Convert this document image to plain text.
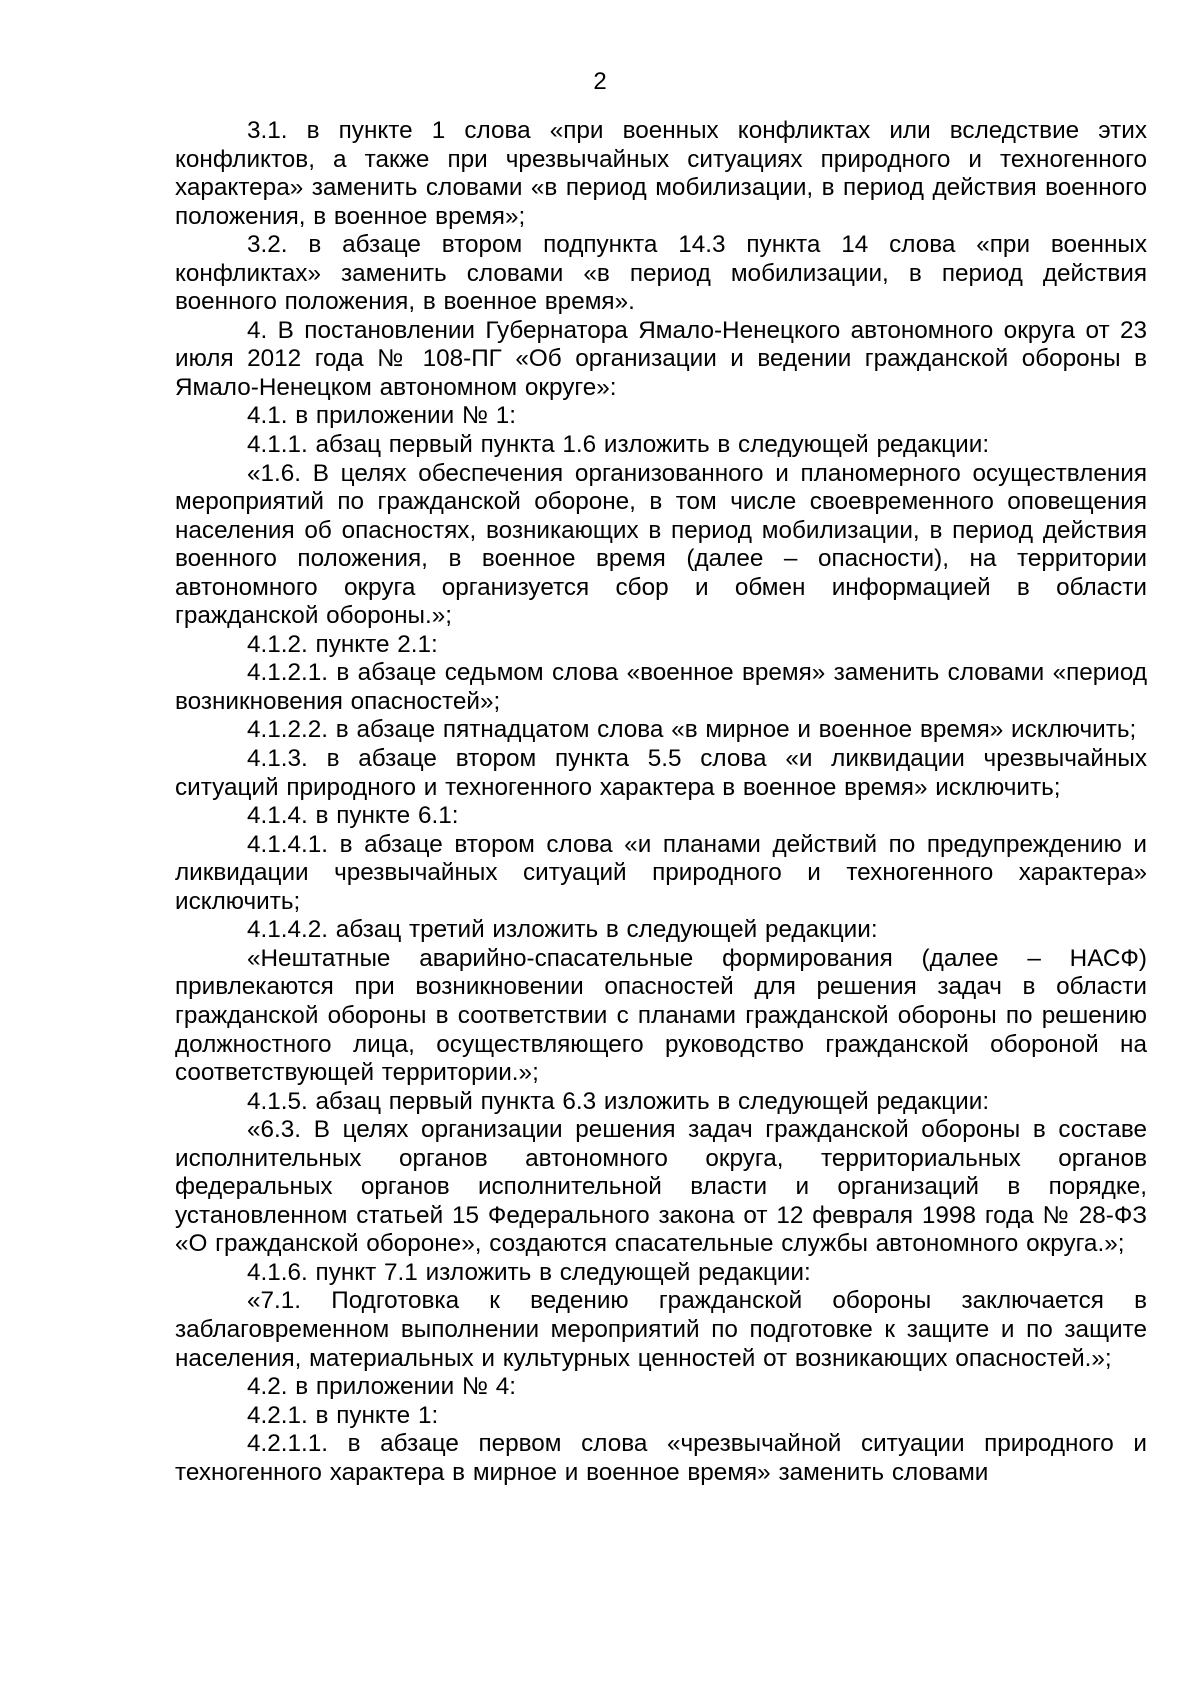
2

3.1. в пункте 1 слова «при военных конфликтах или вследствие этих конфликтов, а также при чрезвычайных ситуациях природного и техногенного характера» заменить словами «в период мобилизации, в период действия военного положения, в военное время»;

3.2. в абзаце втором подпункта 14.3 пункта 14 слова «при военных конфликтах» заменить словами «в период мобилизации, в период действия военного положения, в военное время».

4. В постановлении Губернатора Ямало-Ненецкого автономного округа от 23 июля 2012 года № 108-ПГ «Об организации и ведении гражданской обороны в Ямало-Ненецком автономном округе»:

4.1. в приложении № 1:

4.1.1. абзац первый пункта 1.6 изложить в следующей редакции:

«1.6. В целях обеспечения организованного и планомерного осуществления мероприятий по гражданской обороне, в том числе своевременного оповещения населения об опасностях, возникающих в период мобилизации, в период действия военного положения, в военное время (далее – опасности), на территории автономного округа организуется сбор и обмен информацией в области гражданской обороны.»;

4.1.2. пункте 2.1:

4.1.2.1. в абзаце седьмом слова «военное время» заменить словами «период возникновения опасностей»;

4.1.2.2. в абзаце пятнадцатом слова «в мирное и военное время» исключить;

4.1.3. в абзаце втором пункта 5.5 слова «и ликвидации чрезвычайных ситуаций природного и техногенного характера в военное время» исключить;

4.1.4. в пункте 6.1:

4.1.4.1. в абзаце втором слова «и планами действий по предупреждению и ликвидации чрезвычайных ситуаций природного и техногенного характера» исключить;

4.1.4.2. абзац третий изложить в следующей редакции:

«Нештатные аварийно-спасательные формирования (далее – НАСФ) привлекаются при возникновении опасностей для решения задач в области гражданской обороны в соответствии с планами гражданской обороны по решению должностного лица, осуществляющего руководство гражданской обороной на соответствующей территории.»;

4.1.5. абзац первый пункта 6.3 изложить в следующей редакции:

«6.3. В целях организации решения задач гражданской обороны в составе исполнительных органов автономного округа, территориальных органов федеральных органов исполнительной власти и организаций в порядке, установленном статьей 15 Федерального закона от 12 февраля 1998 года № 28-ФЗ «О гражданской обороне», создаются спасательные службы автономного округа.»;

4.1.6. пункт 7.1 изложить в следующей редакции:

«7.1. Подготовка к ведению гражданской обороны заключается в заблаговременном выполнении мероприятий по подготовке к защите и по защите населения, материальных и культурных ценностей от возникающих опасностей.»;

4.2. в приложении № 4:

4.2.1. в пункте 1:

4.2.1.1. в абзаце первом слова «чрезвычайной ситуации природного и техногенного характера в мирное и военное время» заменить словами
